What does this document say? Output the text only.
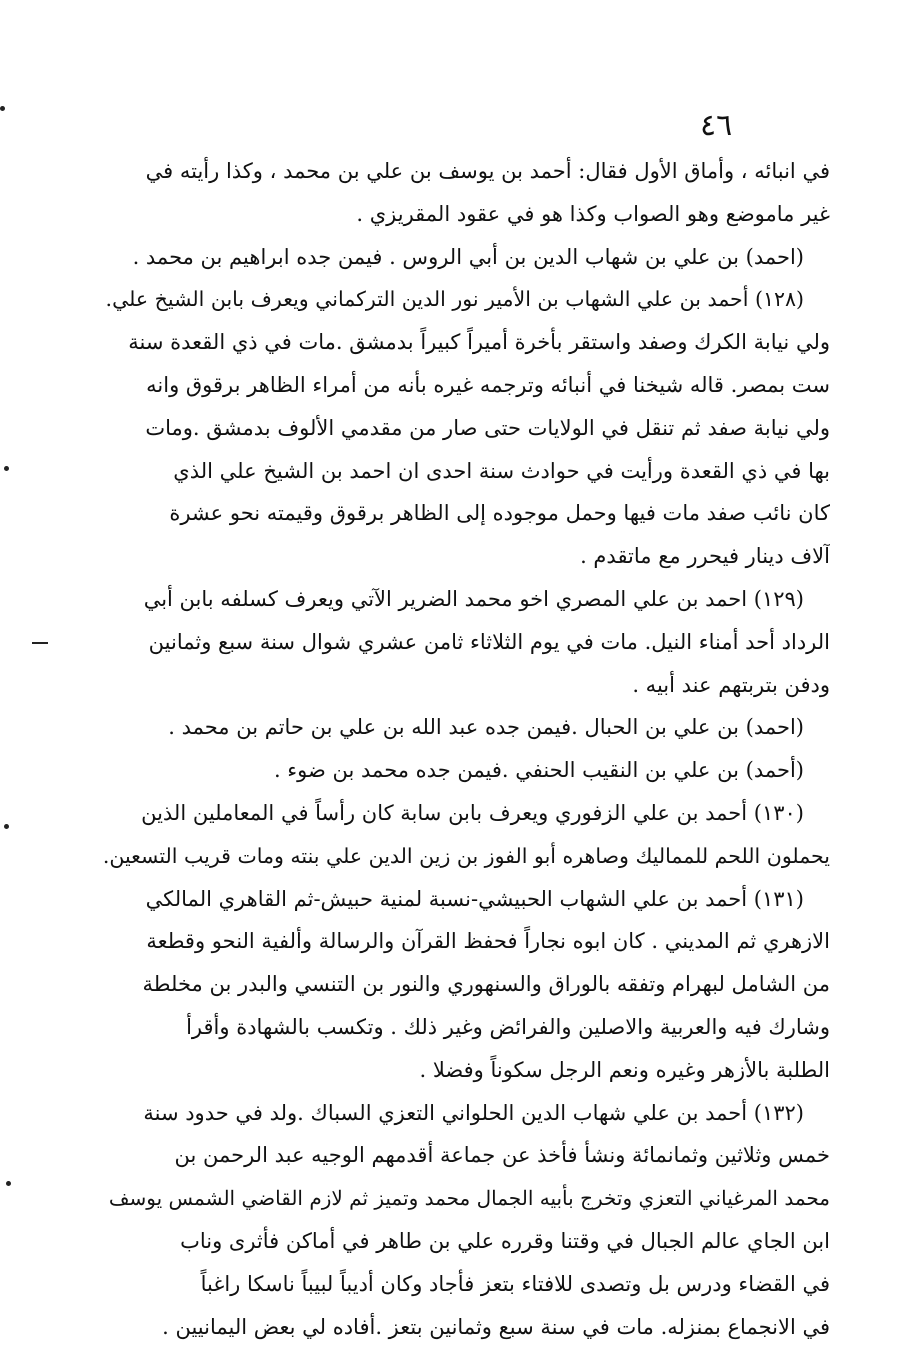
٤٦
في انبائه ، وأماق الأول فقال: أحمد بن يوسف بن علي بن محمد ، وكذا رأيته في
غير ماموضع وهو الصواب وكذا هو في عقود المقريزي .
(احمد) بن علي بن شهاب الدين بن أبي الروس . فيمن جده ابراهيم بن محمد .
(١٢٨) أحمد بن علي الشهاب بن الأمير نور الدين التركماني ويعرف بابن الشيخ علي.
ولي نيابة الكرك وصفد واستقر بأخرة أميراً كبيراً بدمشق .مات في ذي القعدة سنة
ست بمصر. قاله شيخنا في أنبائه وترجمه غيره بأنه من أمراء الظاهر برقوق وانه
ولي نيابة صفد ثم تنقل في الولايات حتى صار من مقدمي الألوف بدمشق .ومات
بها في ذي القعدة ورأيت في حوادث سنة احدى ان احمد بن الشيخ علي الذي
كان نائب صفد مات فيها وحمل موجوده إلى الظاهر برقوق وقيمته نحو عشرة
آلاف دينار فيحرر مع ماتقدم .
(١٢٩) احمد بن علي المصري اخو محمد الضرير الآتي ويعرف كسلفه بابن أبي
الرداد أحد أمناء النيل. مات في يوم الثلاثاء ثامن عشري شوال سنة سبع وثمانين
ودفن بتربتهم عند أبيه .
(احمد) بن علي بن الحبال .فيمن جده عبد الله بن علي بن حاتم بن محمد .
(أحمد) بن علي بن النقيب الحنفي .فيمن جده محمد بن ضوء .
(١٣٠) أحمد بن علي الزفوري ويعرف بابن سابة كان رأساً في المعاملين الذين
يحملون اللحم للمماليك وصاهره أبو الفوز بن زين الدين علي بنته ومات قريب التسعين.
(١٣١) أحمد بن علي الشهاب الحبيشي-نسبة لمنية حبيش-ثم القاهري المالكي
الازهري ثم المديني . كان ابوه نجاراً فحفظ القرآن والرسالة وألفية النحو وقطعة
من الشامل لبهرام وتفقه بالوراق والسنهوري والنور بن التنسي والبدر بن مخلطة
وشارك فيه والعربية والاصلين والفرائض وغير ذلك . وتكسب بالشهادة وأقرأ
الطلبة بالأزهر وغيره ونعم الرجل سكوناً وفضلا .
(١٣٢) أحمد بن علي شهاب الدين الحلواني التعزي السباك .ولد في حدود سنة
خمس وثلاثين وثمانمائة ونشأ فأخذ عن جماعة أقدمهم الوجيه عبد الرحمن بن
محمد المرغياني التعزي وتخرج بأبيه الجمال محمد وتميز ثم لازم القاضي الشمس يوسف
ابن الجاي عالم الجبال في وقتنا وقرره علي بن طاهر في أماكن فأثرى وناب
في القضاء ودرس بل وتصدى للافتاء بتعز فأجاد وكان أديباً لبيباً ناسكا راغباً
في الانجماع بمنزله. مات في سنة سبع وثمانين بتعز .أفاده لي بعض اليمانيين .
